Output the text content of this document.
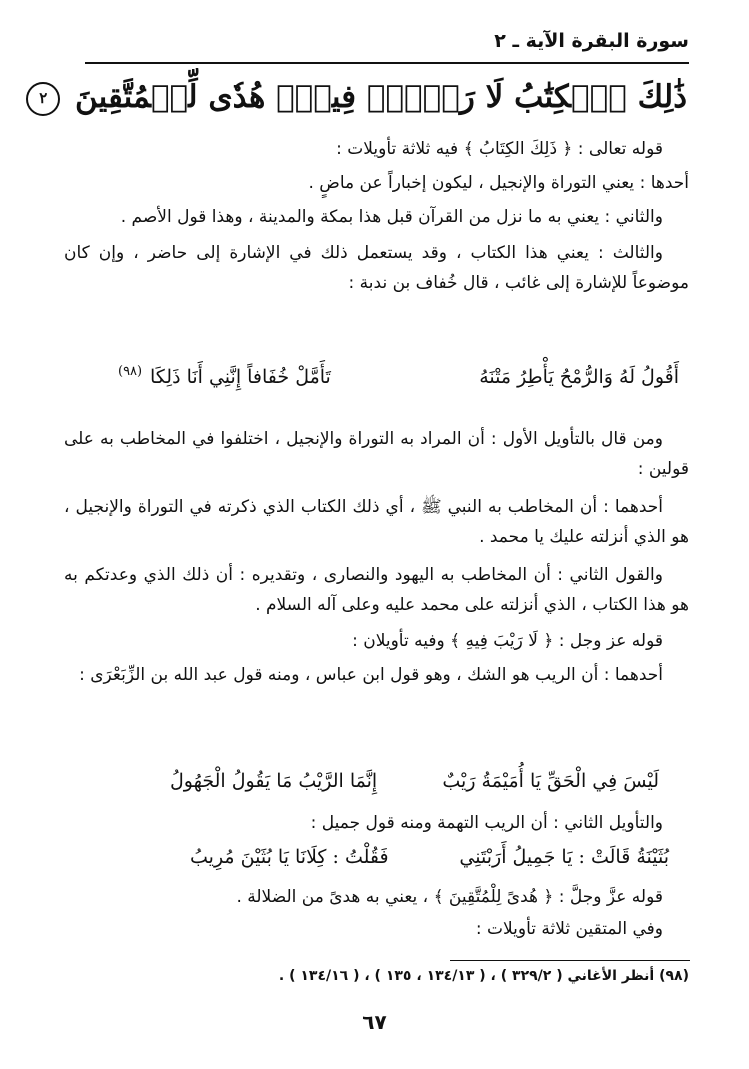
سورة البقرة الآية ـ ٢
ذَٰلِكَ ٱلۡكِتَٰبُ لَا رَيۡبَۛ فِيهِۛ هُدٗى لِّلۡمُتَّقِينَ ٢

قوله تعالى : ﴿ ذَلِكَ الكِتَابُ ﴾ فيه ثلاثة تأويلات :

أحدها : يعني التوراة والإنجيل ، ليكون إخباراً عن ماضٍ .

والثاني : يعني به ما نزل من القرآن قبل هذا بمكة والمدينة ، وهذا قول الأصم .

والثالث : يعني هذا الكتاب ، وقد يستعمل ذلك في الإشارة إلى حاضر ، وإن كان موضوعاً للإشارة إلى غائب ، قال خُفاف بن ندبة :

أَقُولُ لَهُ وَالرُّمْحُ يَأْطِرُ مَتْنَهُ
تَأَمَّلْ خُفَافاً إِنَّنِي أَنَا ذَلِكَا
(٩٨)

ومن قال بالتأويل الأول : أن المراد به التوراة والإنجيل ، اختلفوا في المخاطب به على قولين :

أحدهما : أن المخاطب به النبي ﷺ ، أي ذلك الكتاب الذي ذكرته في التوراة والإنجيل ، هو الذي أنزلته عليك يا محمد .

والقول الثاني : أن المخاطب به اليهود والنصارى ، وتقديره : أن ذلك الذي وعدتكم به هو هذا الكتاب ، الذي أنزلته على محمد عليه وعلى آله السلام .

قوله عز وجل : ﴿ لَا رَيْبَ فِيهِ ﴾ وفيه تأويلان :

أحدهما : أن الريب هو الشك ، وهو قول ابن عباس ، ومنه قول عبد الله بن الزِّبَعْرَى :

لَيْسَ فِي الْحَقِّ يَا أُمَيْمَةُ رَيْبٌ
إِنَّمَا الرَّيْبُ مَا يَقُولُ الْجَهُولُ

والتأويل الثاني : أن الريب التهمة ومنه قول جميل :

بُثَيْنَةُ قَالَتْ : يَا جَمِيلُ أَرَبْتَنِي
فَقُلْتُ : كِلَانَا يَا بُثَيْنَ مُرِيبُ

قوله عزَّ وجلَّ : ﴿ هُدىً لِلْمُتَّقِينَ ﴾ ، يعني به هدىً من الضلالة .

وفي المتقين ثلاثة تأويلات :

(٩٨) أنظر الأغاني ( ٣٢٩/٢ ) ، ( ١٣٤/١٣ ، ١٣٥ ) ، ( ١٣٤/١٦ ) .
٦٧
